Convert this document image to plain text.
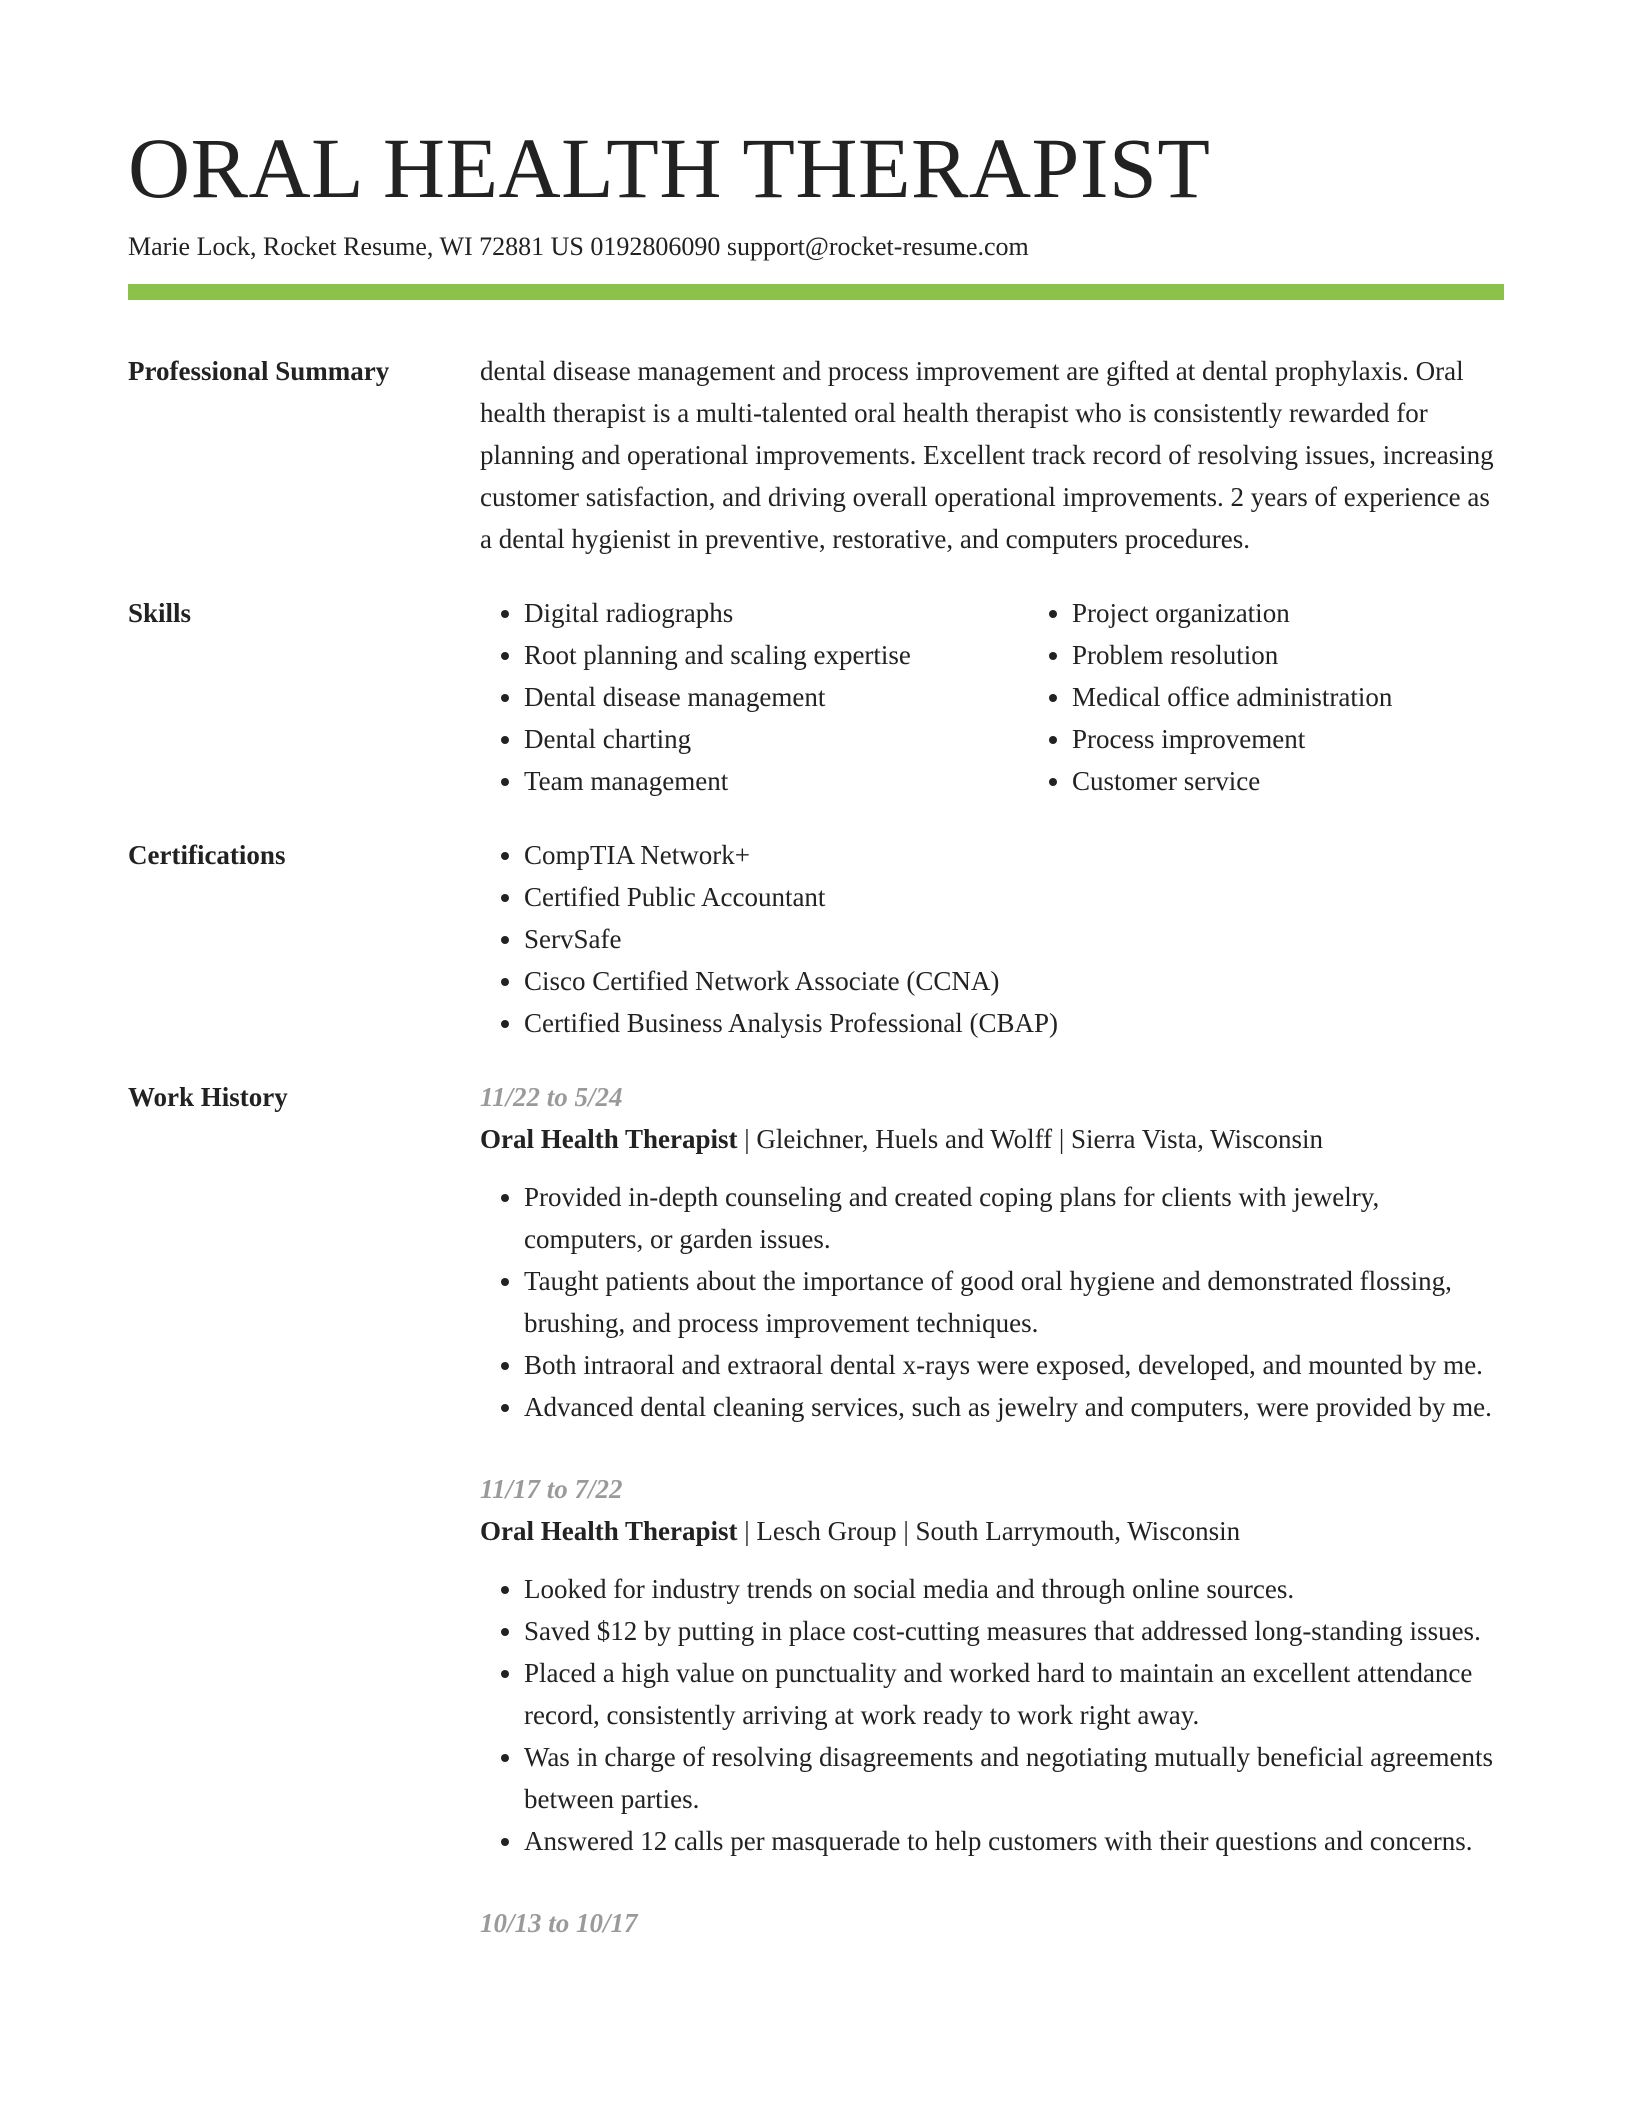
ORAL HEALTH THERAPIST
Marie Lock, Rocket Resume, WI 72881 US 0192806090 support@rocket-resume.com
Professional Summary	dental disease management and process improvement are gifted at dental prophylaxis. Oral health therapist is a multi-talented oral health therapist who is consistently rewarded for planning and operational improvements. Excellent track record of resolving issues, increasing customer satisfaction, and driving overall operational improvements. 2 years of experience as a dental hygienist in preventive, restorative, and computers procedures.

Skills	• Digital radiographs
• Root planning and scaling expertise
• Dental disease management
• Dental charting
• Team management
• Project organization
• Problem resolution
• Medical office administration
• Process improvement
• Customer service
Certifications	• CompTIA Network+
• Certified Public Accountant
• ServSafe
• Cisco Certified Network Associate (CCNA)
• Certified Business Analysis Professional (CBAP)
Work History	11/22 to 5/24
Oral Health Therapist | Gleichner, Huels and Wolff | Sierra Vista, Wisconsin
• Provided in-depth counseling and created coping plans for clients with jewelry, computers, or garden issues.
• Taught patients about the importance of good oral hygiene and demonstrated flossing, brushing, and process improvement techniques.
• Both intraoral and extraoral dental x-rays were exposed, developed, and mounted by me.
• Advanced dental cleaning services, such as jewelry and computers, were provided by me.
11/17 to 7/22
Oral Health Therapist | Lesch Group | South Larrymouth, Wisconsin
• Looked for industry trends on social media and through online sources.
• Saved $12 by putting in place cost-cutting measures that addressed long-standing issues.
• Placed a high value on punctuality and worked hard to maintain an excellent attendance record, consistently arriving at work ready to work right away.
• Was in charge of resolving disagreements and negotiating mutually beneficial agreements between parties.
• Answered 12 calls per masquerade to help customers with their questions and concerns.
10/13 to 10/17
